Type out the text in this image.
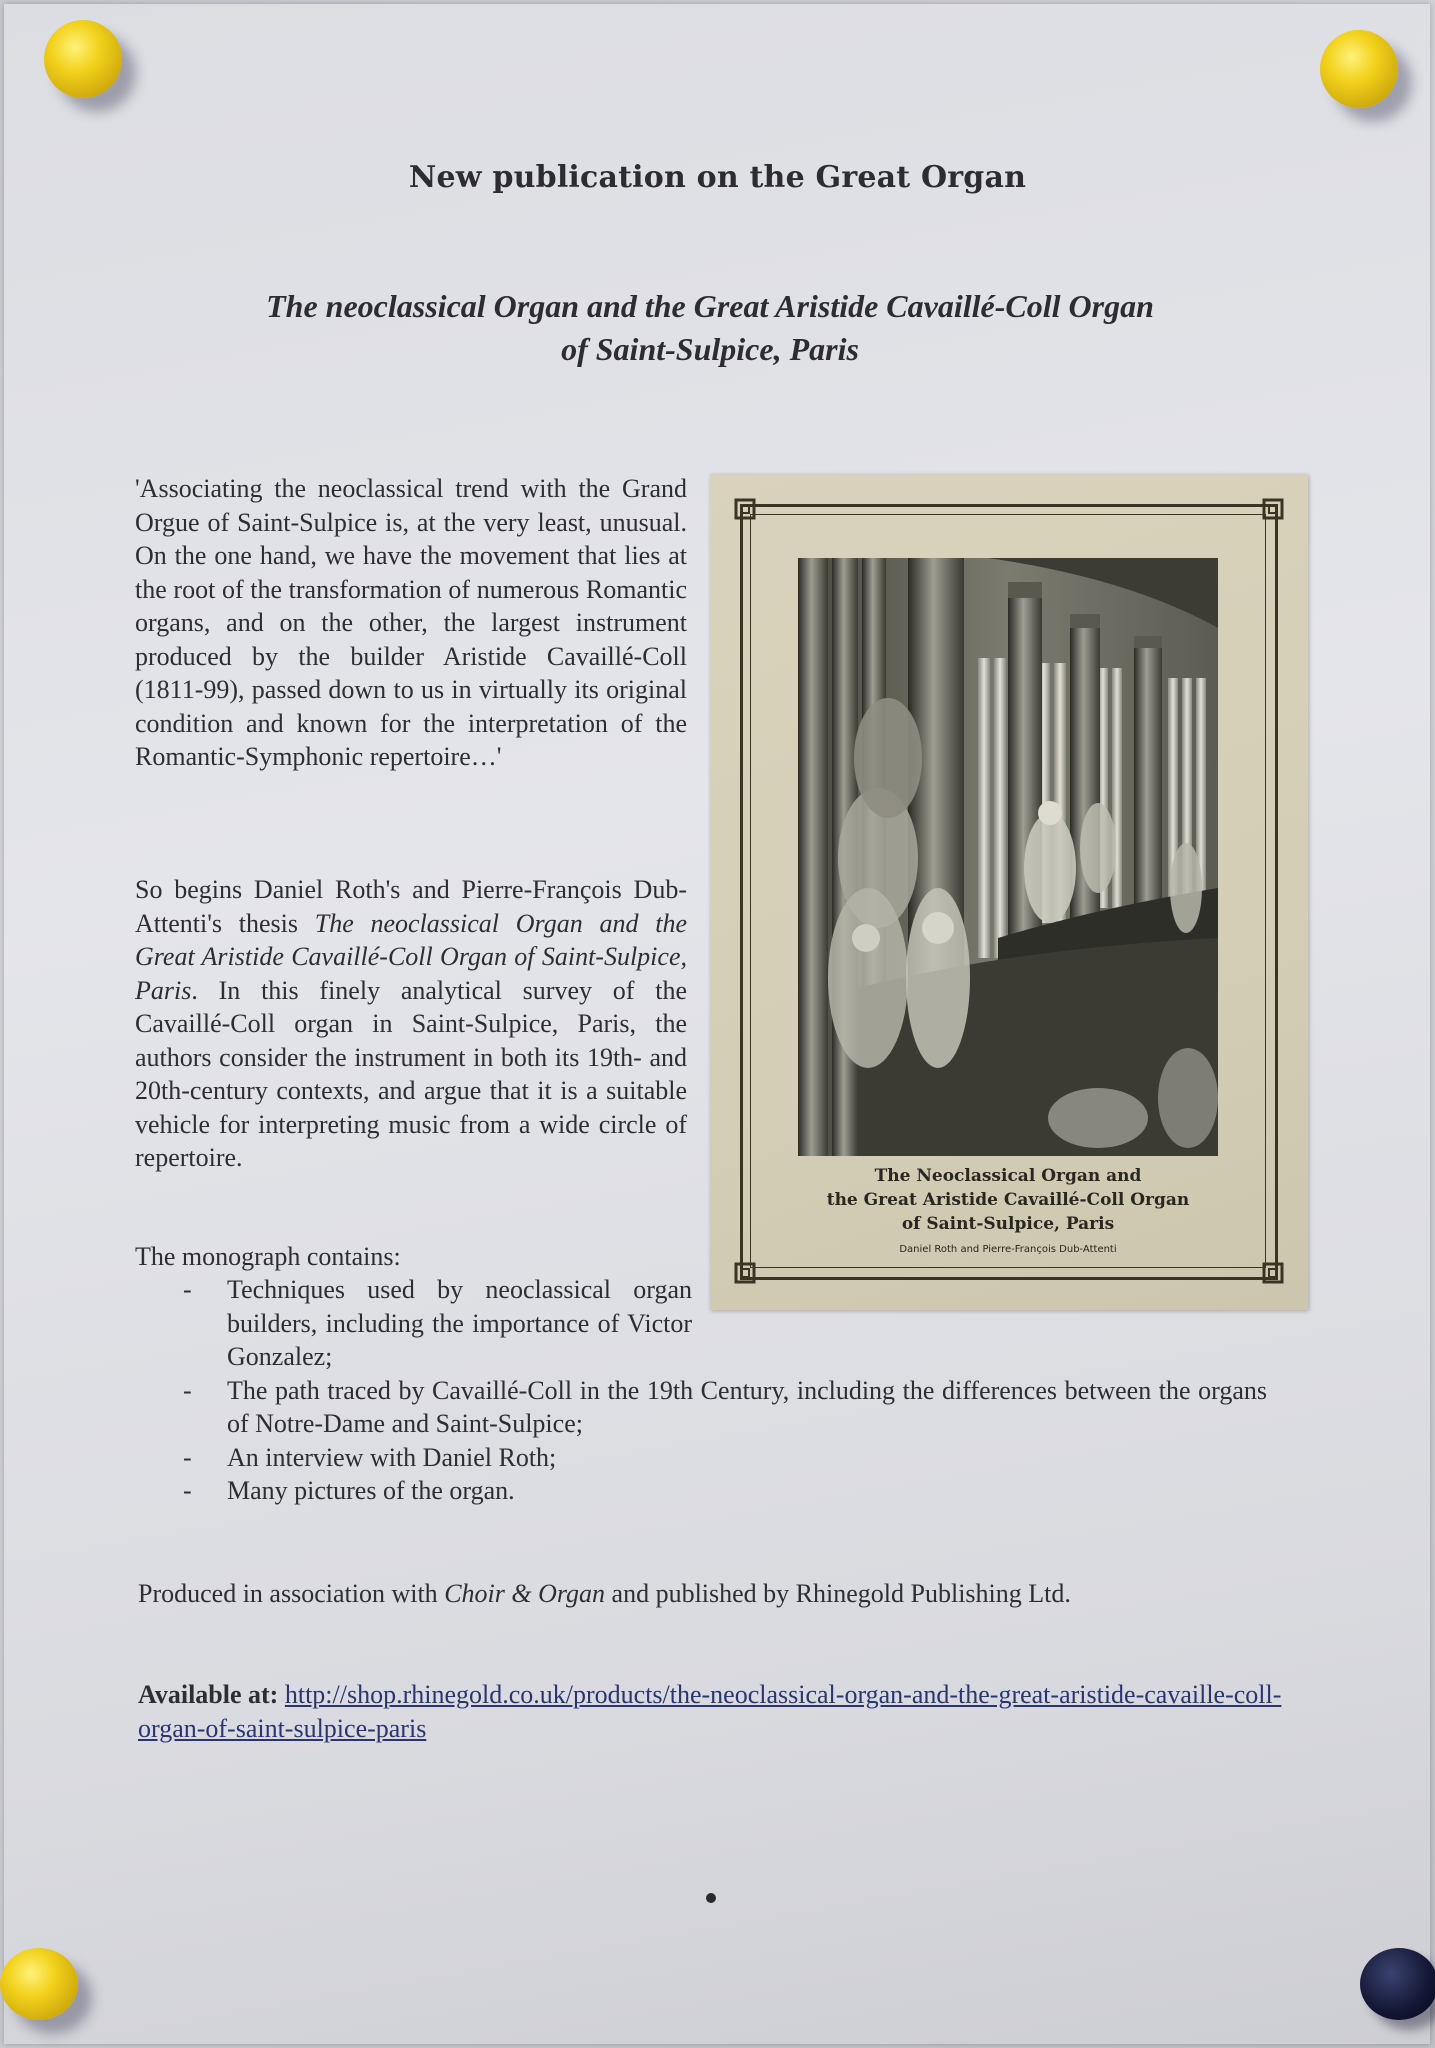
New publication on the Great Organ
The neoclassical Organ and the Great Aristide Cavaillé-Coll Organ
of Saint-Sulpice, Paris

'Associating the neoclassical trend with the Grand Orgue of Saint-Sulpice is, at the very least, unusual. On the one hand, we have the movement that lies at the root of the transformation of numerous Romantic organs, and on the other, the largest instrument produced by the builder Aristide Cavaillé-Coll (1811-99), passed down to us in virtually its original condition and known for the interpretation of the Romantic-Symphonic repertoire…'

So begins Daniel Roth's and Pierre-François Dub-Attenti's thesis The neoclassical Organ and the Great Aristide Cavaillé-Coll Organ of Saint-Sulpice, Paris. In this finely analytical survey of the Cavaillé-Coll organ in Saint-Sulpice, Paris, the authors consider the instrument in both its 19th- and 20th-century contexts, and argue that it is a suitable vehicle for interpreting music from a wide circle of repertoire.

The monograph contains:

- Techniques used by neoclassical organ builders, including the importance of Victor Gonzalez;
- The path traced by Cavaillé-Coll in the 19th Century, including the differences between the organs of Notre-Dame and Saint-Sulpice;
- An interview with Daniel Roth;
- Many pictures of the organ.
Produced in association with Choir & Organ and published by Rhinegold Publishing Ltd.
Available at: http://shop.rhinegold.co.uk/products/the-neoclassical-organ-and-the-great-aristide-cavaille-coll-organ-of-saint-sulpice-paris
The Neoclassical Organ and
the Great Aristide Cavaillé-Coll Organ
of Saint-Sulpice, Paris
Daniel Roth and Pierre-François Dub-Attenti
